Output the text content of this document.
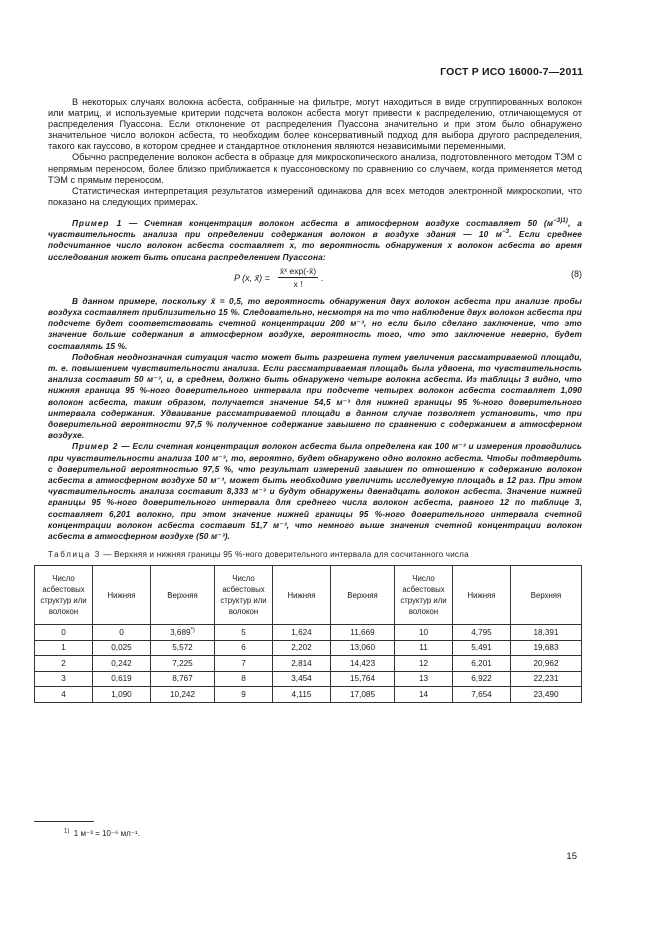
ГОСТ Р ИСО 16000-7—2011

В некоторых случаях волокна асбеста, собранные на фильтре, могут находиться в виде сгруппированных волокон или матриц, и используемые критерии подсчета волокон асбеста могут привести к распределению, отличающемуся от распределения Пуассона. Если отклонение от распределения Пуассона значительно и при этом было обнаружено значительное число волокон асбеста, то необходим более консервативный подход для выбора другого распределения, такого как гауссово, в котором среднее и стандартное отклонения являются независимыми переменными.

Обычно распределение волокон асбеста в образце для микроскопического анализа, подготовленного методом ТЭМ с непрямым переносом, более близко приближается к пуассоновскому по сравнению со случаем, когда применяется метод ТЭМ с прямым переносом.

Статистическая интерпретация результатов измерений одинакова для всех методов электронной микроскопии, что показано на следующих примерах.

Пример 1 — Счетная концентрация волокон асбеста в атмосферном воздухе составляет 50 ($м^{-3)1)}$, а чувствительность анализа при определении содержания волокон в воздухе здания — 10 $м^{-3}$. Если среднее подсчитанное число волокон асбеста составляет $\overline{x}$, то вероятность обнаружения x волокон асбеста во время исследования может быть описана распределением Пуассона:

P (x, x̄) = $\frac{\text{x̄ˣ exp(-x̄)}}{x !}$ .	(8)

В данном примере, поскольку x̄ = 0,5, то вероятность обнаружения двух волокон асбеста при анализе пробы воздуха составляет приблизительно 15 %. Следовательно, несмотря на то что наблюдение двух волокон асбеста при подсчете будет соответствовать счетной концентрации 200 м⁻³, но если было сделано заключение, что это значение больше содержания в атмосферном воздухе, вероятность того, что это заключение неверно, будет составлять 15 %.

Подобная неоднозначная ситуация часто может быть разрешена путем увеличения рассматриваемой площади, т. е. повышением чувствительности анализа. Если рассматриваемая площадь была удвоена, то чувствительность анализа составит 50 м⁻³, и, в среднем, должно быть обнаружено четыре волокна асбеста. Из таблицы 3 видно, что нижняя граница 95 %-ного доверительного интервала при подсчете четырех волокон асбеста составляет 1,090 волокон асбеста, таким образом, получается значение 54,5 м⁻³ для нижней границы 95 %-ного доверительного интервала содержания. Удваивание рассматриваемой площади в данном случае позволяет установить, что при доверительной вероятности 97,5 % полученное содержание завышено по сравнению с содержанием в атмосферном воздухе.

Пример 2 — Если счетная концентрация волокон асбеста была определена как 100 м⁻³ и измерения проводились при чувствительности анализа 100 м⁻³, то, вероятно, будет обнаружено одно волокно асбеста. Чтобы подтвердить с доверительной вероятностью 97,5 %, что результат измерений завышен по отношению к содержанию волокон асбеста в атмосферном воздухе 50 м⁻³, может быть необходимо увеличить исследуемую площадь в 12 раз. При этом чувствительность анализа составит 8,333 м⁻³ и будут обнаружены двенадцать волокон асбеста. Значение нижней границы 95 %-ного доверительного интервала для среднего числа волокон асбеста, равного 12 по таблице 3, составляет 6,201 волокно, при этом значение нижней границы 95 %-ного доверительного интервала счетной концентрации волокон асбеста составит 51,7 м⁻³, что немного выше значения счетной концентрации волокон асбеста в атмосферном воздухе (50 м⁻³).

Таблица 3 — Верхняя и нижняя границы 95 %-ного доверительного интервала для сосчитанного числа
Число асбестовых структур или волокон	Нижняя	Верхняя	Число асбестовых структур или волокон	Нижняя	Верхняя	Число асбестовых структур или волокон	Нижняя	Верхняя
0	0	3,689*)	5	1,624	11,669	10	4,795	18,391
1	0,025	5,572	6	2,202	13,060	11	5,491	19,683
2	0,242	7,225	7	2,814	14,423	12	6,201	20,962
3	0,619	8,767	8	3,454	15,764	13	6,922	22,231
4	1,090	10,242	9	4,115	17,085	14	7,654	23,490
$^{1)}$ 1 м⁻³ = 10⁻⁶ мл⁻¹.
15
